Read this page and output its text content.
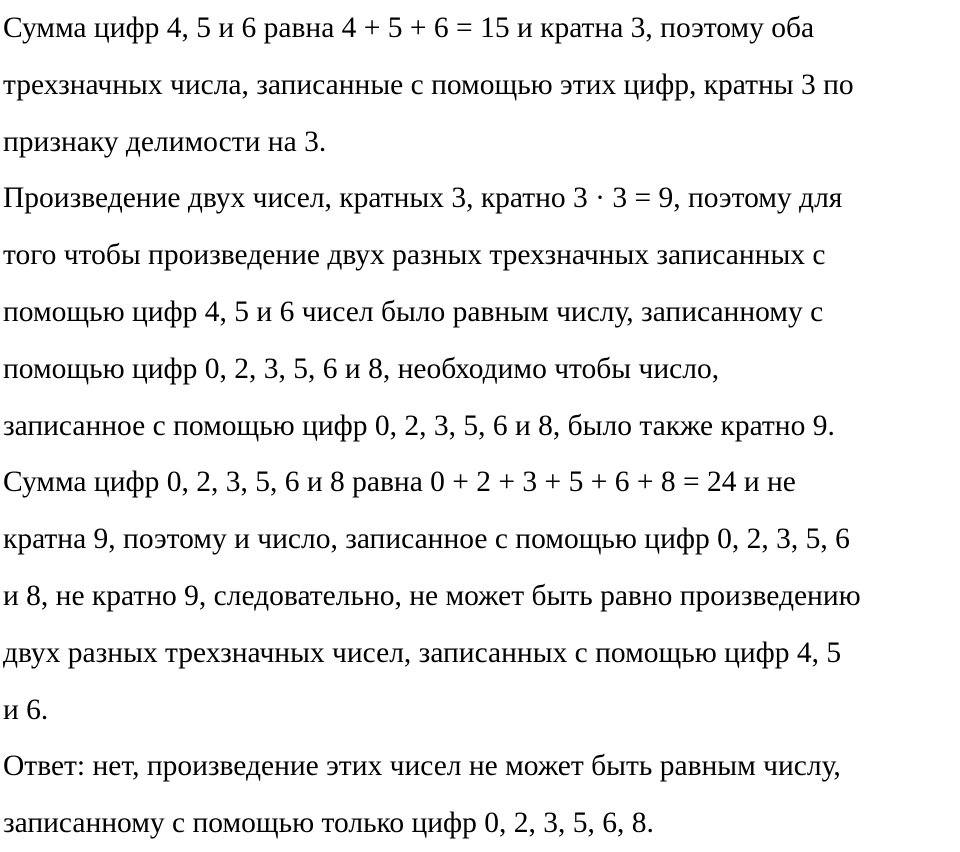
Сумма цифр 4, 5 и 6 равна 4 + 5 + 6 = 15 и кратна 3, поэтому оба
трехзначных числа, записанные с помощью этих цифр, кратны 3 по
признаку делимости на 3.
Произведение двух чисел, кратных 3, кратно 3 · 3 = 9, поэтому для
того чтобы произведение двух разных трехзначных записанных с
помощью цифр 4, 5 и 6 чисел было равным числу, записанному с
помощью цифр 0, 2, 3, 5, 6 и 8, необходимо чтобы число,
записанное с помощью цифр 0, 2, 3, 5, 6 и 8, было также кратно 9.
Сумма цифр 0, 2, 3, 5, 6 и 8 равна 0 + 2 + 3 + 5 + 6 + 8 = 24 и не
кратна 9, поэтому и число, записанное с помощью цифр 0, 2, 3, 5, 6
и 8, не кратно 9, следовательно, не может быть равно произведению
двух разных трехзначных чисел, записанных с помощью цифр 4, 5
и 6.
Ответ: нет, произведение этих чисел не может быть равным числу,
записанному с помощью только цифр 0, 2, 3, 5, 6, 8.
